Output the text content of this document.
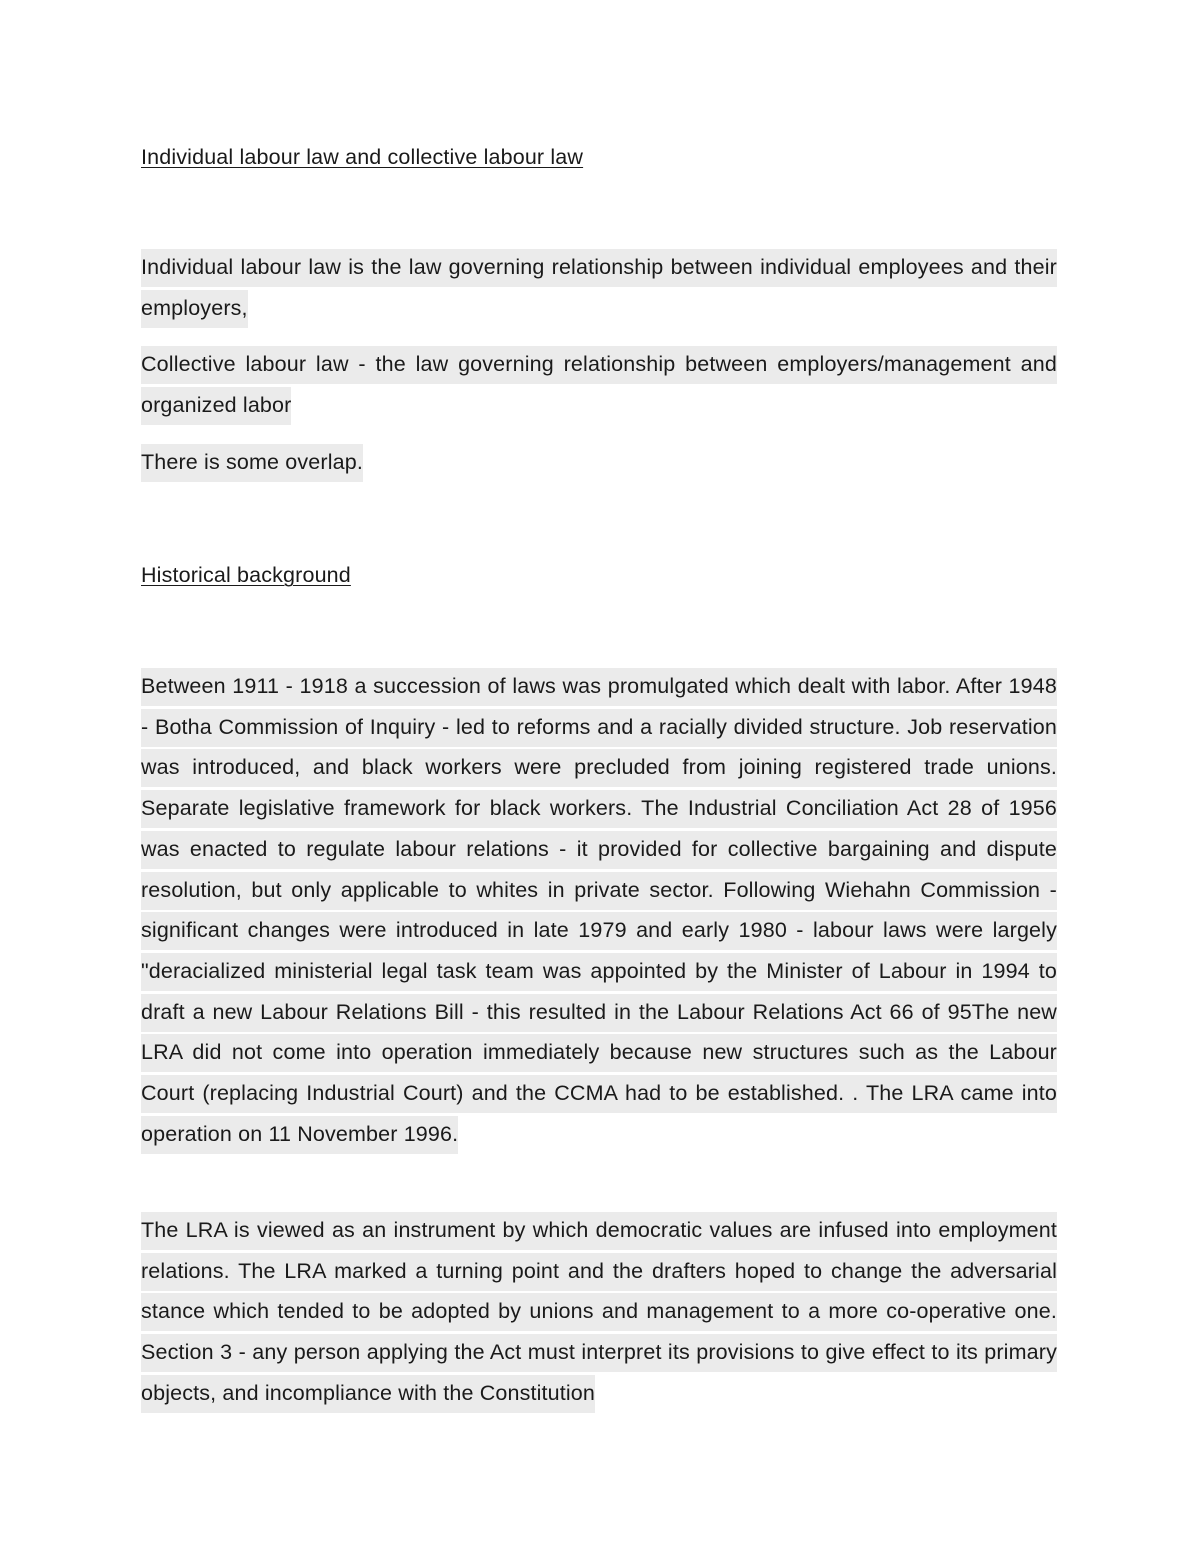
Individual labour law and collective labour law

Individual labour law is the law governing relationship between individual employees and their employers,

Collective labour law - the law governing relationship between employers/management and organized labor

There is some overlap.

Historical background

Between 1911 - 1918 a succession of laws was promulgated which dealt with labor. After 1948 - Botha Commission of Inquiry - led to reforms and a racially divided structure. Job reservation was introduced, and black workers were precluded from joining registered trade unions. Separate legislative framework for black workers. The Industrial Conciliation Act 28 of 1956 was enacted to regulate labour relations - it provided for collective bargaining and dispute resolution, but only applicable to whites in private sector. Following Wiehahn Commission - significant changes were introduced in late 1979 and early 1980 - labour laws were largely "deracialized ministerial legal task team was appointed by the Minister of Labour in 1994 to draft a new Labour Relations Bill - this resulted in the Labour Relations Act 66 of 95The new LRA did not come into operation immediately because new structures such as the Labour Court (replacing Industrial Court) and the CCMA had to be established. . The LRA came into operation on 11 November 1996.

The LRA is viewed as an instrument by which democratic values are infused into employment relations. The LRA marked a turning point and the drafters hoped to change the adversarial stance which tended to be adopted by unions and management to a more co-operative one. Section 3 - any person applying the Act must interpret its provisions to give effect to its primary objects, and incompliance with the Constitution
